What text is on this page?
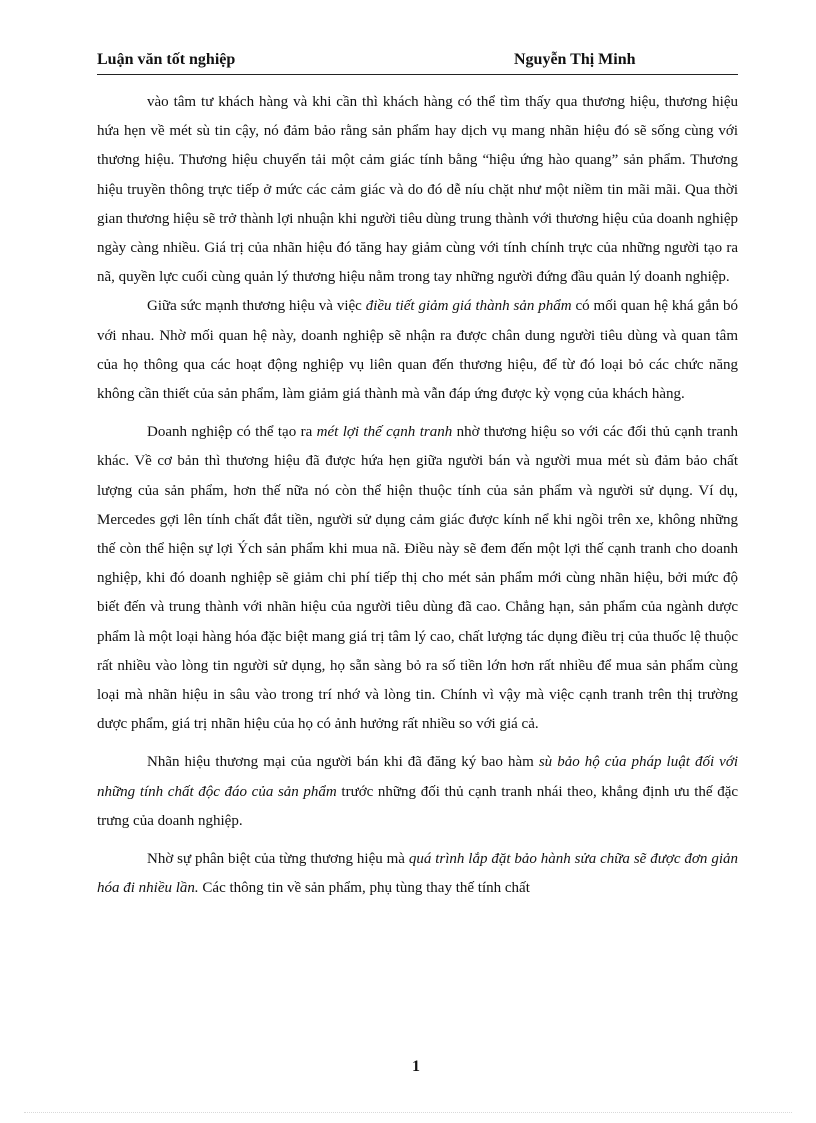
Luận văn tốt nghiệp	Nguyễn Thị Minh

vào tâm tư khách hàng và khi cần thì khách hàng có thể tìm thấy qua thương hiệu, thương hiệu hứa hẹn về mét sù tin cậy, nó đảm bảo rằng sản phẩm hay dịch vụ mang nhãn hiệu đó sẽ sống cùng với thương hiệu. Thương hiệu chuyển tải một cảm giác tính bằng “hiệu ứng hào quang” sản phẩm. Thương hiệu truyền thông trực tiếp ở mức các cảm giác và do đó dễ níu chặt như một niềm tin mãi mãi. Qua thời gian thương hiệu sẽ trở thành lợi nhuận khi người tiêu dùng trung thành với thương hiệu của doanh nghiệp ngày càng nhiều. Giá trị của nhãn hiệu đó tăng hay giảm cùng với tính chính trực của những người tạo ra nã, quyền lực cuối cùng quản lý thương hiệu nằm trong tay những người đứng đầu quản lý doanh nghiệp.

Giữa sức mạnh thương hiệu và việc điều tiết giảm giá thành sản phẩm có mối quan hệ khá gắn bó với nhau. Nhờ mối quan hệ này, doanh nghiệp sẽ nhận ra được chân dung người tiêu dùng và quan tâm của họ thông qua các hoạt động nghiệp vụ liên quan đến thương hiệu, để từ đó loại bỏ các chức năng không cần thiết của sản phẩm, làm giảm giá thành mà vẫn đáp ứng được kỳ vọng của khách hàng.

Doanh nghiệp có thể tạo ra mét lợi thế cạnh tranh nhờ thương hiệu so với các đối thủ cạnh tranh khác. Về cơ bản thì thương hiệu đã được hứa hẹn giữa người bán và người mua mét sù đảm bảo chất lượng của sản phẩm, hơn thế nữa nó còn thể hiện thuộc tính của sản phẩm và người sử dụng. Ví dụ, Mercedes gợi lên tính chất đắt tiền, người sử dụng cảm giác được kính nể khi ngồi trên xe, không những thế còn thể hiện sự lợi Ých sản phẩm khi mua nã. Điều này sẽ đem đến một lợi thế cạnh tranh cho doanh nghiệp, khi đó doanh nghiệp sẽ giảm chi phí tiếp thị cho mét sản phẩm mới cùng nhãn hiệu, bởi mức độ biết đến và trung thành với nhãn hiệu của người tiêu dùng đã cao. Chẳng hạn, sản phẩm của ngành dược phẩm là một loại hàng hóa đặc biệt mang giá trị tâm lý cao, chất lượng tác dụng điều trị của thuốc lệ thuộc rất nhiều vào lòng tin người sử dụng, họ sẵn sàng bỏ ra số tiền lớn hơn rất nhiều để mua sản phẩm cùng loại mà nhãn hiệu in sâu vào trong trí nhớ và lòng tin. Chính vì vậy mà việc cạnh tranh trên thị trường dược phẩm, giá trị nhãn hiệu của họ có ảnh hưởng rất nhiều so với giá cả.

Nhãn hiệu thương mại của người bán khi đã đăng ký bao hàm sù bảo hộ của pháp luật đối với những tính chất độc đáo của sản phẩm trước những đối thủ cạnh tranh nhái theo, khẳng định ưu thế đặc trưng của doanh nghiệp.

Nhờ sự phân biệt của từng thương hiệu mà quá trình lắp đặt bảo hành sửa chữa sẽ được đơn giản hóa đi nhiều lần. Các thông tin về sản phẩm, phụ tùng thay thế tính chất

1
